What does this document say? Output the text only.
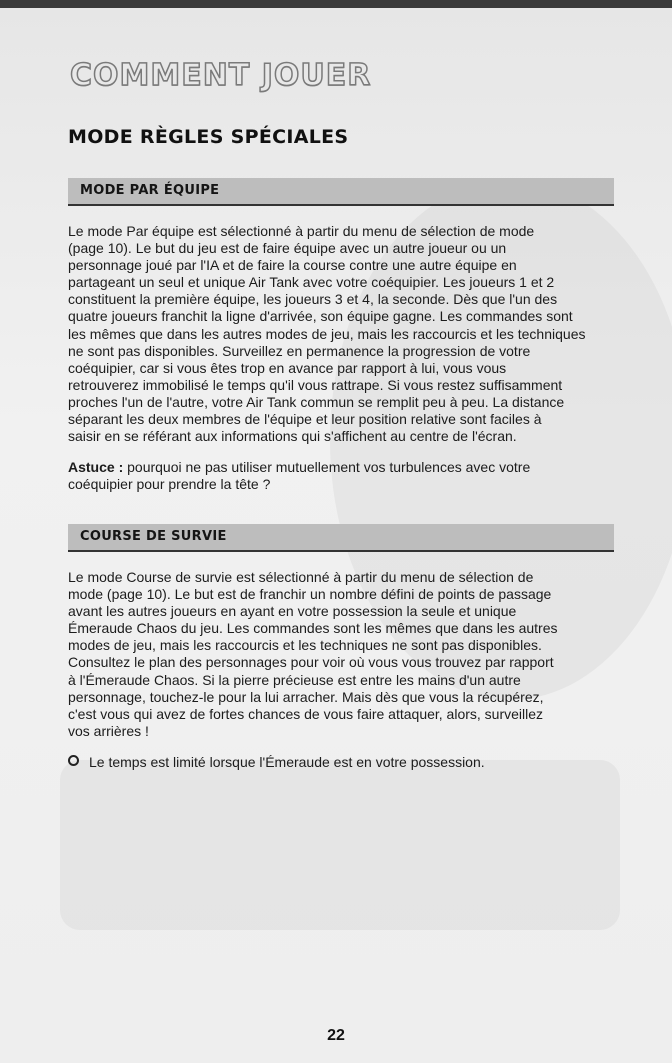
COMMENT JOUER
MODE RÈGLES SPÉCIALES
MODE PAR ÉQUIPE
Le mode Par équipe est sélectionné à partir du menu de sélection de mode
(page 10). Le but du jeu est de faire équipe avec un autre joueur ou un
personnage joué par l'IA et de faire la course contre une autre équipe en
partageant un seul et unique Air Tank avec votre coéquipier. Les joueurs 1 et 2
constituent la première équipe, les joueurs 3 et 4, la seconde. Dès que l'un des
quatre joueurs franchit la ligne d'arrivée, son équipe gagne. Les commandes sont
les mêmes que dans les autres modes de jeu, mais les raccourcis et les techniques
ne sont pas disponibles. Surveillez en permanence la progression de votre
coéquipier, car si vous êtes trop en avance par rapport à lui, vous vous
retrouverez immobilisé le temps qu'il vous rattrape. Si vous restez suffisamment
proches l'un de l'autre, votre Air Tank commun se remplit peu à peu. La distance
séparant les deux membres de l'équipe et leur position relative sont faciles à
saisir en se référant aux informations qui s'affichent au centre de l'écran.
Astuce : pourquoi ne pas utiliser mutuellement vos turbulences avec votre
coéquipier pour prendre la tête ?
COURSE DE SURVIE
Le mode Course de survie est sélectionné à partir du menu de sélection de
mode (page 10). Le but est de franchir un nombre défini de points de passage
avant les autres joueurs en ayant en votre possession la seule et unique
Émeraude Chaos du jeu. Les commandes sont les mêmes que dans les autres
modes de jeu, mais les raccourcis et les techniques ne sont pas disponibles.
Consultez le plan des personnages pour voir où vous vous trouvez par rapport
à l'Émeraude Chaos. Si la pierre précieuse est entre les mains d'un autre
personnage, touchez-le pour la lui arracher. Mais dès que vous la récupérez,
c'est vous qui avez de fortes chances de vous faire attaquer, alors, surveillez
vos arrières !
Le temps est limité lorsque l'Émeraude est en votre possession.
22
